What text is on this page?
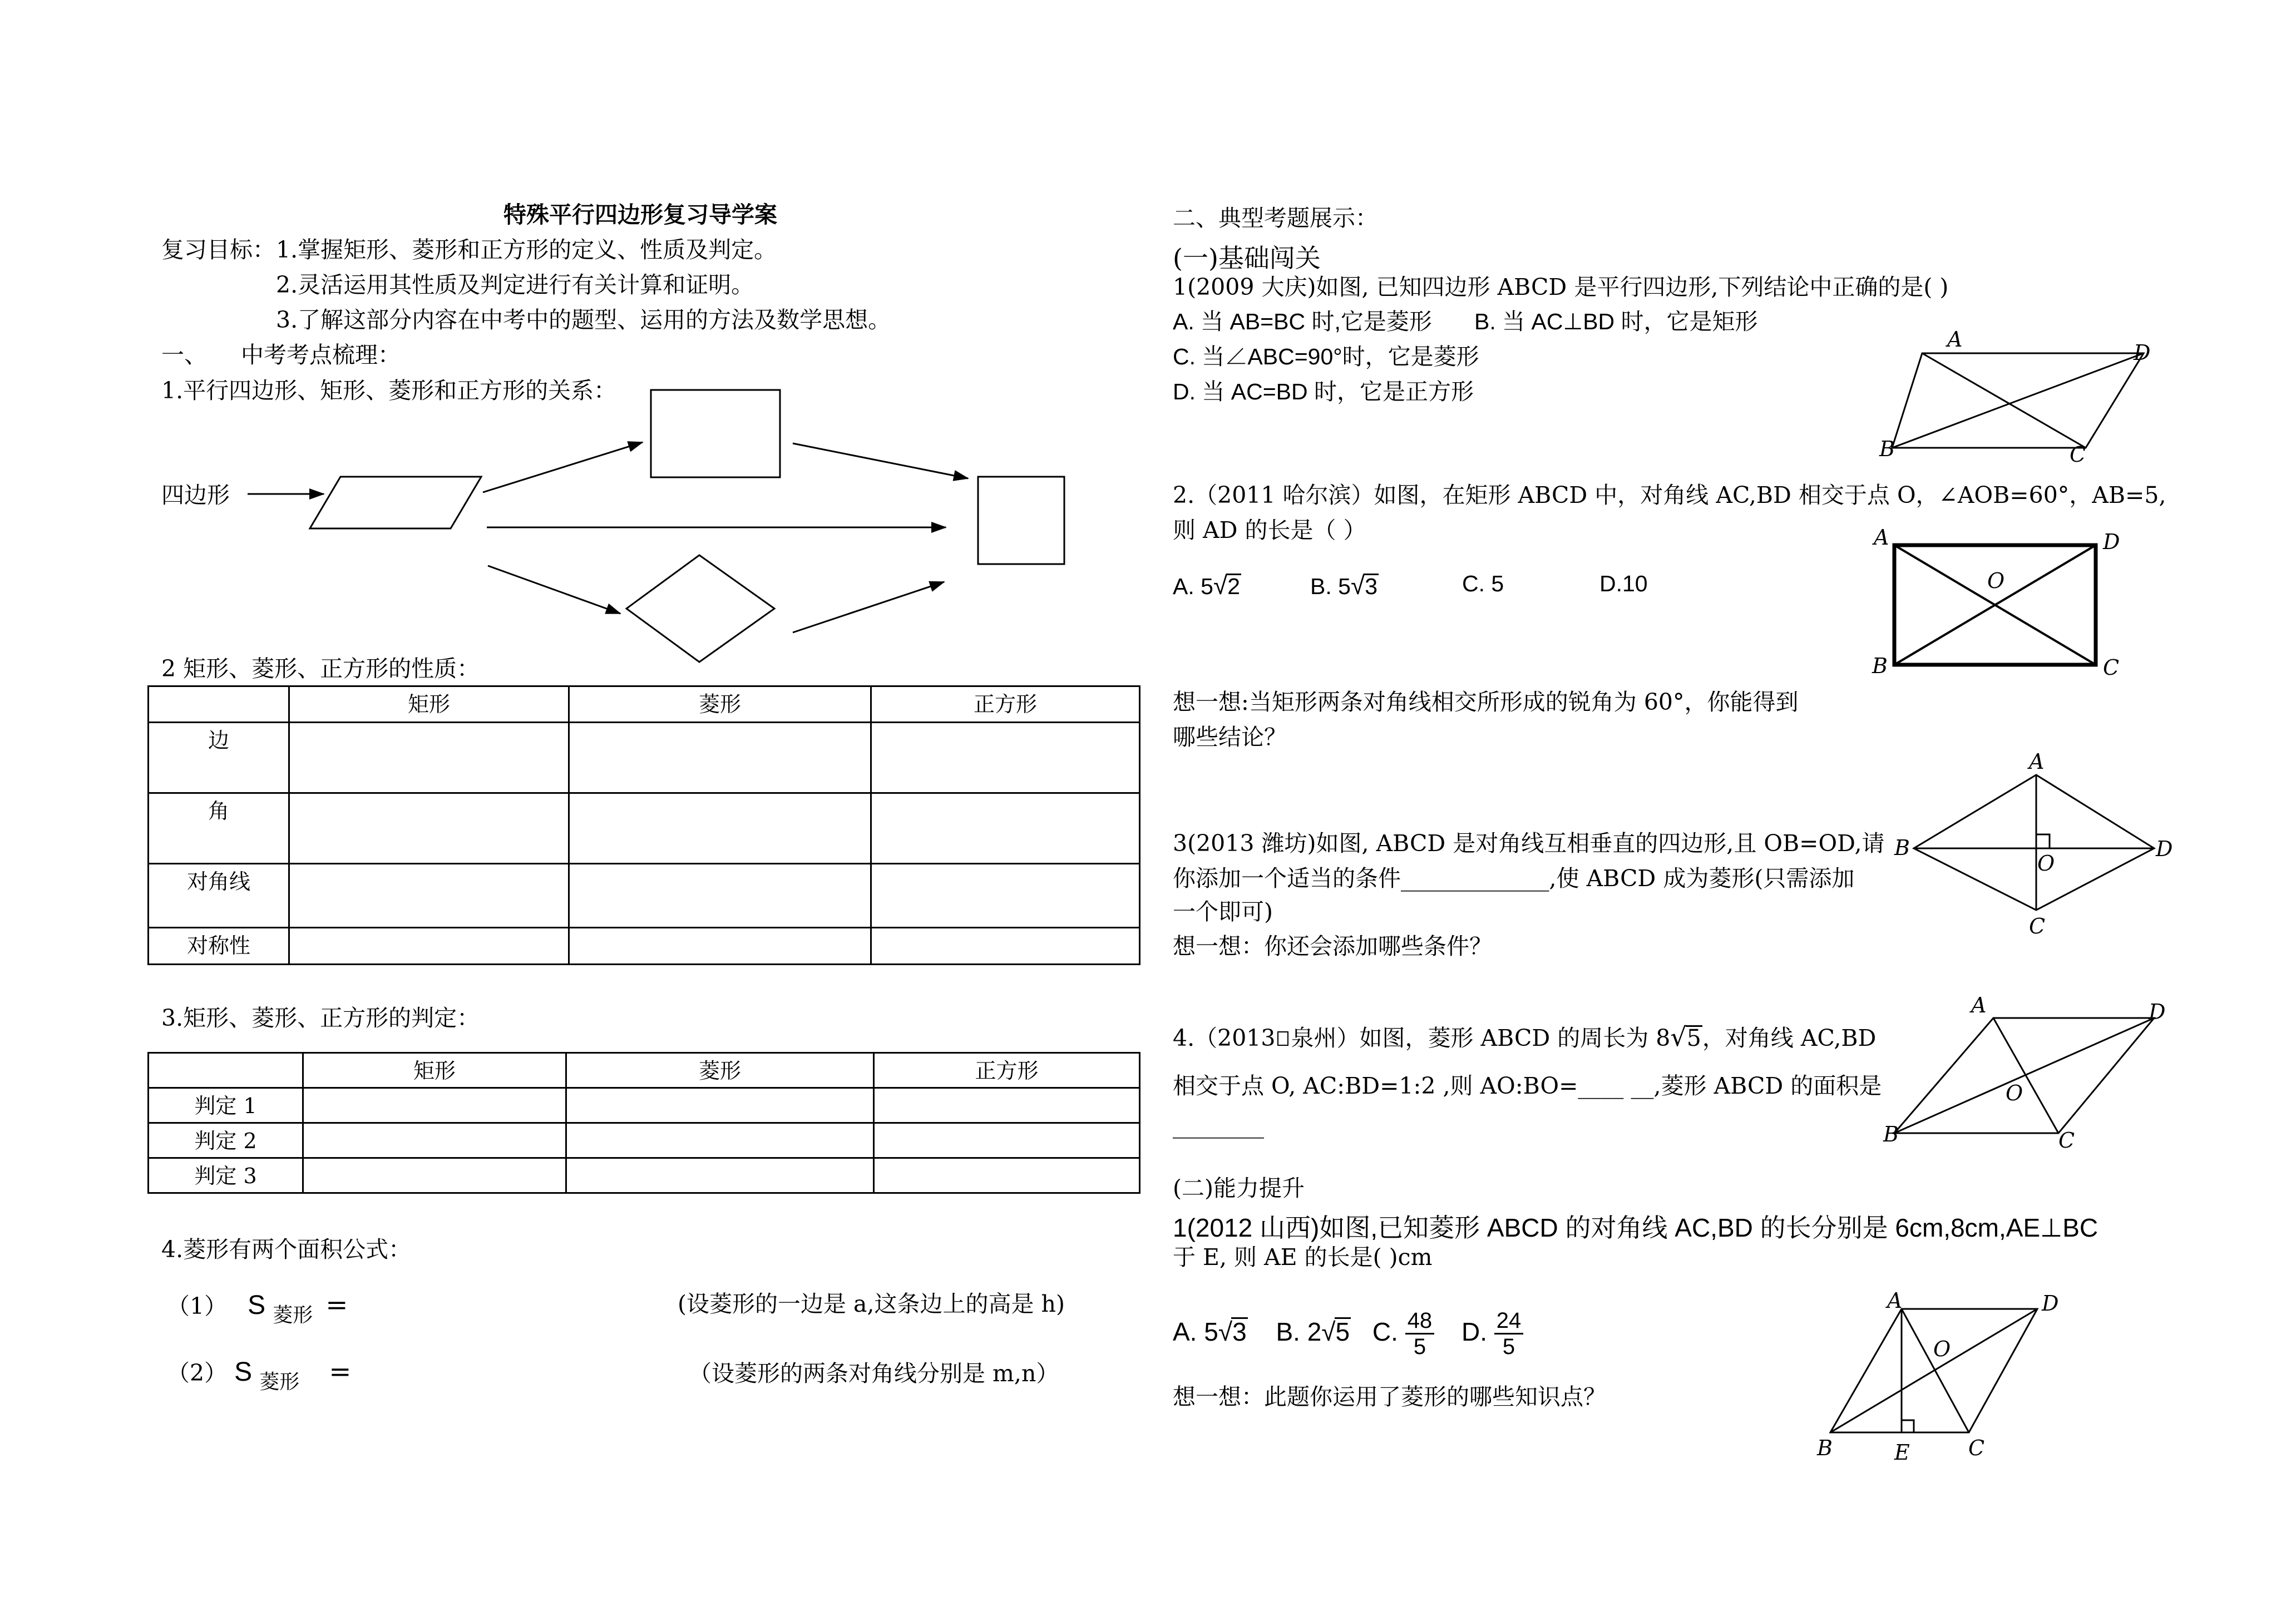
特殊平行四边形复习导学案
复习目标： 1.掌握矩形、菱形和正方形的定义、性质及判定。
2.灵活运用其性质及判定进行有关计算和证明。
3.了解这部分内容在中考中的题型、运用的方法及数学思想。
一、 中考考点梳理：
1.平行四边形、矩形、菱形和正方形的关系：
四边形
2 矩形、菱形、正方形的性质：
	矩形	菱形	正方形
边			
角			
对角线			
对称性			
3.矩形、菱形、正方形的判定：
	矩形	菱形	正方形
判定 1			
判定 2			
判定 3			
4.菱形有两个面积公式：
（1） S 菱形 =	(设菱形的一边是 a,这条边上的高是 h)
（2） S 菱形 =	（设菱形的两条对角线分别是 m,n）
二、典型考题展示：
(一)基础闯关
1(2009 大庆)如图, 已知四边形 ABCD 是平行四边形,下列结论中正确的是( )
A. 当 AB=BC 时,它是菱形 B. 当 AC⊥BD 时，它是矩形
C. 当∠ABC=90°时，它是菱形
D. 当 AC=BD 时，它是正方形
A
D
B	C
2.（2011 哈尔滨）如图，在矩形 ABCD 中，对角线 AC,BD 相交于点 O，∠AOB=60°，AB=5,
则 AD 的长是（ ）
A. 5√2	B. 5√3	C. 5	D.10
A	D
O
B	C
想一想:当矩形两条对角线相交所形成的锐角为 60°，你能得到
哪些结论？
3(2013 潍坊)如图, ABCD 是对角线互相垂直的四边形,且 OB=OD,请
你添加一个适当的条件_____________,使 ABCD 成为菱形(只需添加
一个即可)
想一想：你还会添加哪些条件？
A
B	D
O
C
4.（2013 泉州）如图，菱形 ABCD 的周长为 8√5，对角线 AC,BD
相交于点 O, AC:BD=1:2 ,则 AO:BO=____ __,菱形 ABCD 的面积是
________
A	D
O
B	C
(二)能力提升
1(2012 山西)如图,已知菱形 ABCD 的对角线 AC,BD 的长分别是 6cm,8cm,AE⊥BC
于 E, 则 AE 的长是( )cm
A. 5√3 B. 2√5 C. $\frac{48}{5} D$. $\frac{24}{5}$
想一想：此题你运用了菱形的哪些知识点？
A	D
O
B	E	C
